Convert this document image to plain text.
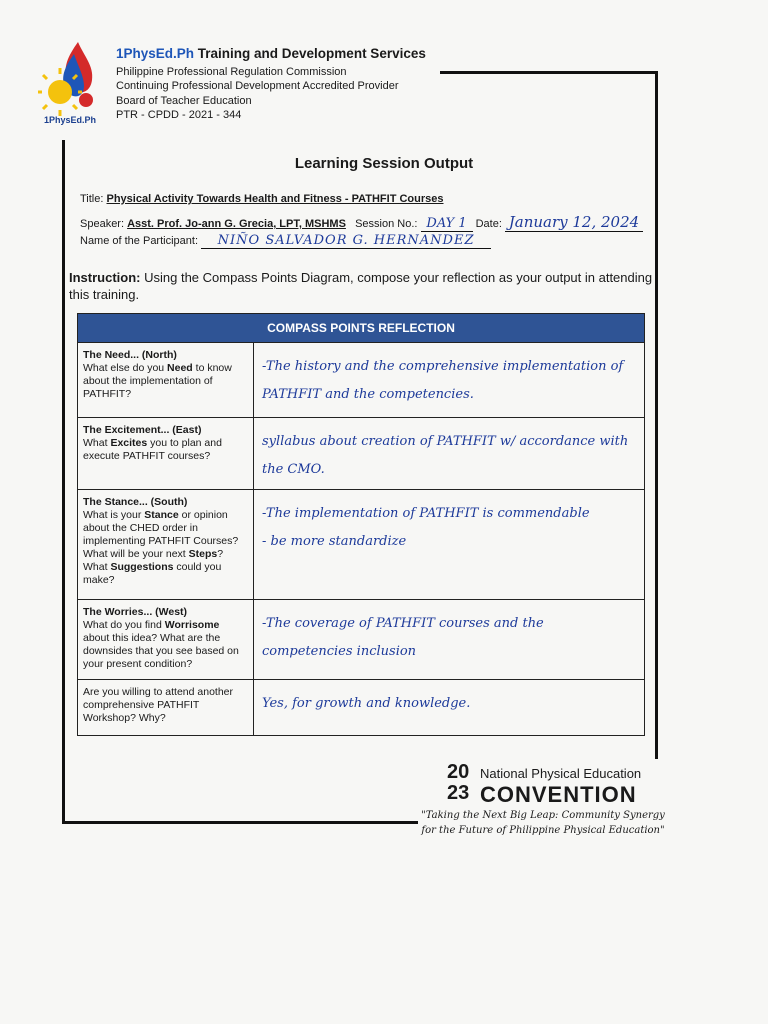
1PhysEd.Ph
1PhysEd.Ph Training and Development Services
Philippine Professional Regulation Commission
Continuing Professional Development Accredited Provider
Board of Teacher Education
PTR - CPDD - 2021 - 344
Learning Session Output
Title: Physical Activity Towards Health and Fitness - PATHFIT Courses
Speaker: Asst. Prof. Jo-ann G. Grecia, LPT, MSHMS Session No.: DAY 1 Date: January 12, 2024
Name of the Participant: NIÑO SALVADOR G. HERNANDEZ
Instruction: Using the Compass Points Diagram, compose your reflection as your output in attending this training.
COMPASS POINTS REFLECTION
The Need... (North)
What else do you Need to know about the implementation of PATHFIT?
-The history and the comprehensive implementation of PATHFIT and the competencies.
The Excitement... (East)
What Excites you to plan and execute PATHFIT courses?
syllabus about creation of PATHFIT w/ accordance with the CMO.
The Stance... (South)
What is your Stance or opinion about the CHED order in implementing PATHFIT Courses? What will be your next Steps? What Suggestions could you make?
-The implementation of PATHFIT is commendable
- be more standardize
The Worries... (West)
What do you find Worrisome about this idea? What are the downsides that you see based on your present condition?
-The coverage of PATHFIT courses and the competencies inclusion
Are you willing to attend another comprehensive PATHFIT Workshop? Why?
Yes, for growth and knowledge.
20
23
National Physical Education
CONVENTION
"Taking the Next Big Leap: Community Synergy
for the Future of Philippine Physical Education"
